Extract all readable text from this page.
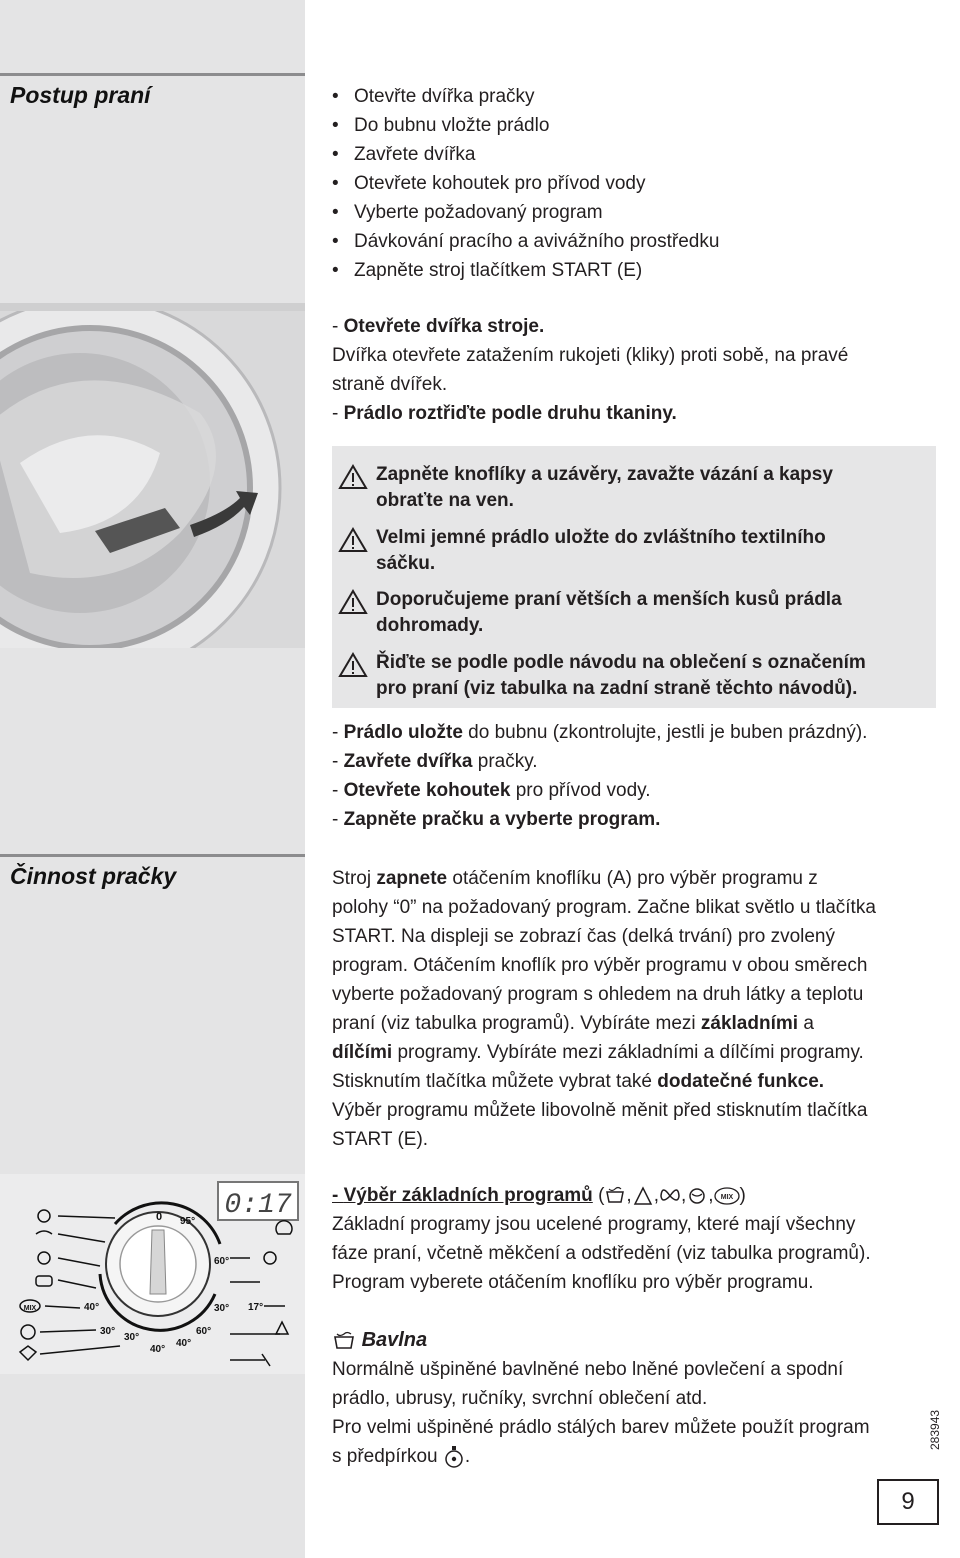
Postup praní
•	Otevřte dvířka pračky
• Do bubnu vložte prádlo
• Zavřete dvířka
• Otevřete kohoutek pro přívod vody
• Vyberte požadovaný program
• Dávkování pracího a avivážního prostředku
• Zapněte stroj tlačítkem START (E)
- Otevřete dvířka stroje.
Dvířka otevřete zatažením rukojeti (kliky) proti sobě, na pravé
straně dvířek.
- Prádlo roztřiďte podle druhu tkaniny.
Zapněte knoflíky a uzávěry, zavažte vázání a kapsy
obraťte na ven.
Velmi jemné prádlo uložte do zvláštního textilního
sáčku.
Doporučujeme praní větších a menších kusů prádla
dohromady.
Řiďte se podle podle návodu na oblečení s označením
pro praní (viz tabulka na zadní straně těchto návodů).
- Prádlo uložte do bubnu (zkontrolujte, jestli je buben prázdný).
- Zavřete dvířka pračky.
- Otevřete kohoutek pro přívod vody.
- Zapněte pračku a vyberte program.
Činnost pračky	Stroj zapnete otáčením knoflíku (A) pro výběr programu z
polohy “0” na požadovaný program. Začne blikat světlo u tlačítka
START. Na displeji se zobrazí čas (delká trvání) pro zvolený
program. Otáčením knoflík pro výběr programu v obou směrech
vyberte požadovaný program s ohledem na druh látky a teplotu
praní (viz tabulka programů). Vybíráte mezi základními a
dílčími programy. Vybíráte mezi základními a dílčími programy.
Stisknutím tlačítka můžete vybrat také dodatečné funkce.
Výběr programu můžete libovolně měnit před stisknutím tlačítka
START (E).
0:17
0 95°
60°
30°
60°
40°
40°
30°
30°
40°	17°
MIX
- Výběr základních programů ( , , , , MIX )
Základní programy jsou ucelené programy, které mají všechny
fáze praní, včetně měkčení a odstředění (viz tabulka programů).
Program vyberete otáčením knoflíku pro výběr programu.
Bavlna
Normálně ušpiněné bavlněné nebo lněné povlečení a spodní
prádlo, ubrusy, ručníky, svrchní oblečení atd.
Pro velmi ušpiněné prádlo stálých barev můžete použít program
s předpírkou .
283943
9
